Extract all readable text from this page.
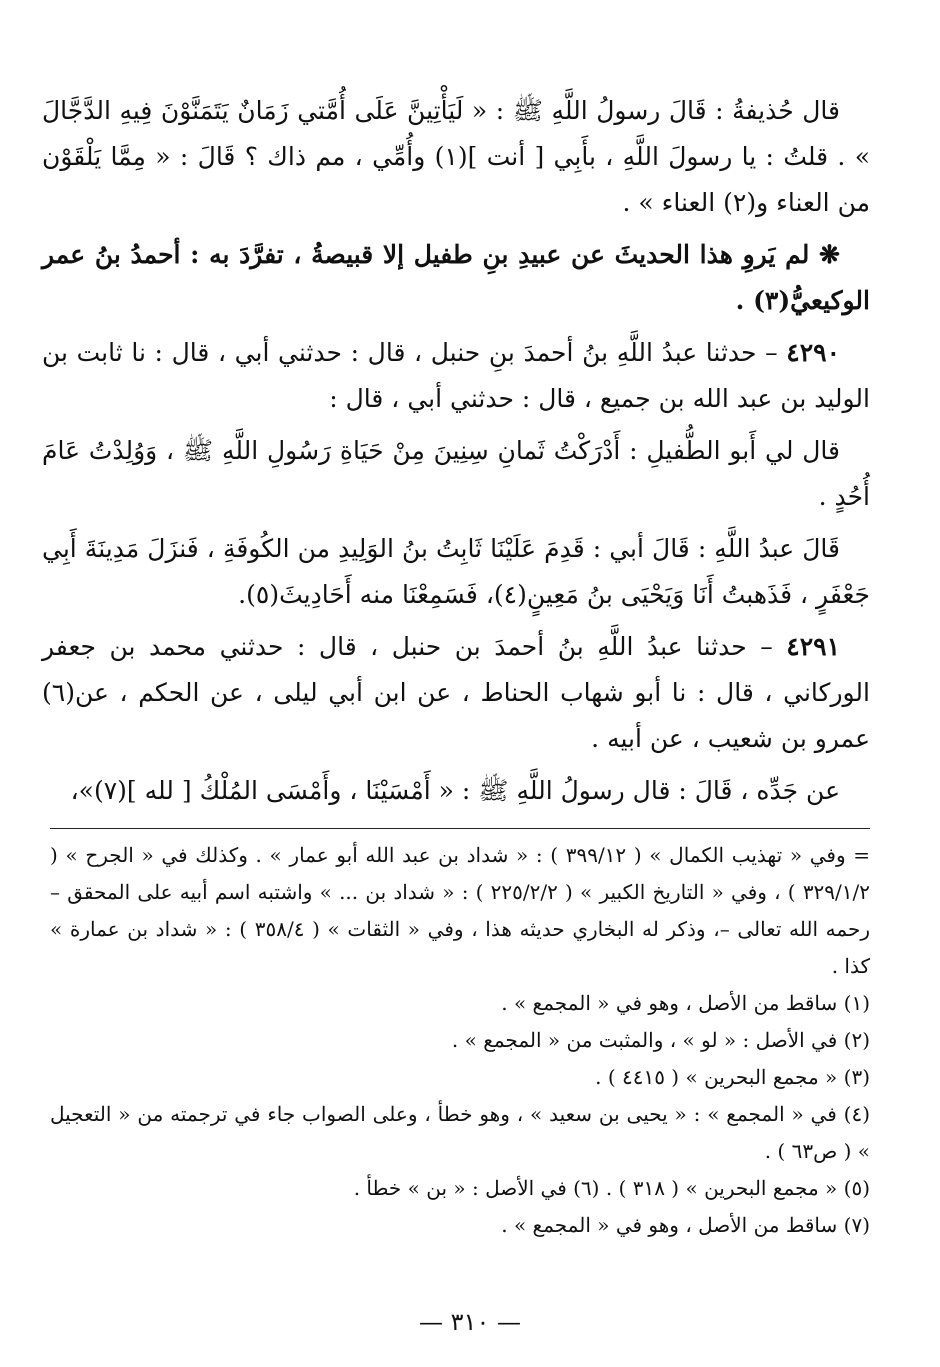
قال حُذيفةُ : قَالَ رسولُ اللَّهِ ﷺ : « لَيَأْتِينَّ عَلَى أُمَّتي زَمَانٌ يَتَمَنَّوْنَ فِيهِ الدَّجَّالَ » . قلتُ : يا رسولَ اللَّهِ ، بأَبِي [ أنت ](١) وأُمِّي ، مم ذاك ؟ قَالَ : « مِمَّا يَلْقَوْن من العناء و(٢) العناء » .

❋ لم يَروِ هذا الحديثَ عن عبيدِ بنِ طفيل إلا قبيصةُ ، تفرَّدَ به : أحمدُ بنُ عمر الوكيعيُّ(٣) .

٤٢٩٠ – حدثنا عبدُ اللَّهِ بنُ أحمدَ بنِ حنبل ، قال : حدثني أبي ، قال : نا ثابت بن الوليد بن عبد الله بن جميع ، قال : حدثني أبي ، قال :

قال لي أَبو الطُّفيلِ : أَدْرَكْتُ ثَمانِ سِنِينَ مِنْ حَيَاةِ رَسُولِ اللَّهِ ﷺ ، وَوُلِدْتُ عَامَ أُحُدٍ .

قَالَ عبدُ اللَّهِ : قَالَ أبي : قَدِمَ عَلَيْنَا ثَابِتُ بنُ الوَلِيدِ من الكُوفَةِ ، فَنزَلَ مَدِينَةَ أَبِي جَعْفَرٍ ، فَذَهبتُ أَنَا وَيَحْيَى بنُ مَعِينٍ(٤)، فَسَمِعْنَا منه أَحَادِيثَ(٥).

٤٢٩١ – حدثنا عبدُ اللَّهِ بنُ أحمدَ بن حنبل ، قال : حدثني محمد بن جعفر الوركاني ، قال : نا أبو شهاب الحناط ، عن ابن أبي ليلى ، عن الحكم ، عن(٦) عمرو بن شعيب ، عن أبيه .

عن جَدِّه ، قَالَ : قال رسولُ اللَّهِ ﷺ : « أَمْسَيْنَا ، وأَمْسَى المُلْكُ [ لله ](٧)»،

= وفي « تهذيب الكمال » ( ٣٩٩/١٢ ) : « شداد بن عبد الله أبو عمار » . وكذلك في « الجرح » ( ٣٢٩/١/٢ ) ، وفي « التاريخ الكبير » ( ٢٢٥/٢/٢ ) : « شداد بن ... » واشتبه اسم أبيه على المحقق – رحمه الله تعالى –، وذكر له البخاري حديثه هذا ، وفي « الثقات » ( ٣٥٨/٤ ) : « شداد بن عمارة » كذا .

(١) ساقط من الأصل ، وهو في « المجمع » .

(٢) في الأصل : « لو » ، والمثبت من « المجمع » .

(٣) « مجمع البحرين » ( ٤٤١٥ ) .

(٤) في « المجمع » : « يحيى بن سعيد » ، وهو خطأ ، وعلى الصواب جاء في ترجمته من « التعجيل » ( ص٦٣ ) .

(٥) « مجمع البحرين » ( ٣١٨ ) . (٦) في الأصل : « بن » خطأ .

(٧) ساقط من الأصل ، وهو في « المجمع » .

— ٣١٠ —
